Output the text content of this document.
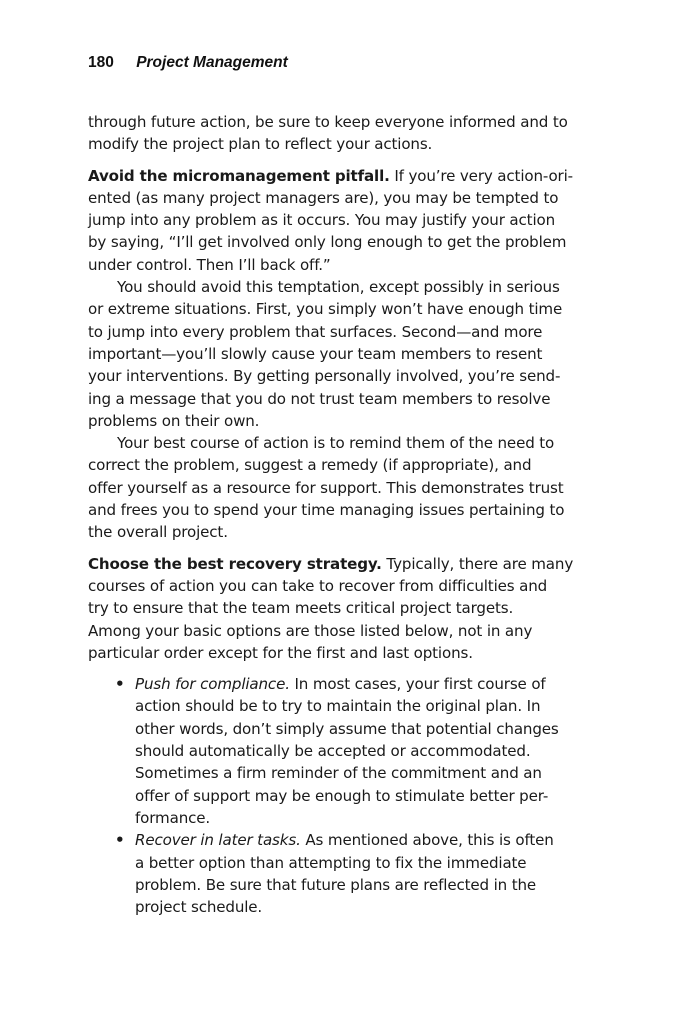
180 Project Management

through future action, be sure to keep everyone informed and to
modify the project plan to reflect your actions.

Avoid the micromanagement pitfall. If you’re very action-ori-
ented (as many project managers are), you may be tempted to
jump into any problem as it occurs. You may justify your action
by saying, “I’ll get involved only long enough to get the problem
under control. Then I’ll back off.”

You should avoid this temptation, except possibly in serious
or extreme situations. First, you simply won’t have enough time
to jump into every problem that surfaces. Second—and more
important—you’ll slowly cause your team members to resent
your interventions. By getting personally involved, you’re send-
ing a message that you do not trust team members to resolve
problems on their own.

Your best course of action is to remind them of the need to
correct the problem, suggest a remedy (if appropriate), and
offer yourself as a resource for support. This demonstrates trust
and frees you to spend your time managing issues pertaining to
the overall project.

Choose the best recovery strategy. Typically, there are many
courses of action you can take to recover from difficulties and
try to ensure that the team meets critical project targets.
Among your basic options are those listed below, not in any
particular order except for the first and last options.

• Push for compliance. In most cases, your first course of
action should be to try to maintain the original plan. In
other words, don’t simply assume that potential changes
should automatically be accepted or accommodated.
Sometimes a firm reminder of the commitment and an
offer of support may be enough to stimulate better per-
formance.
• Recover in later tasks. As mentioned above, this is often
a better option than attempting to fix the immediate
problem. Be sure that future plans are reflected in the
project schedule.
